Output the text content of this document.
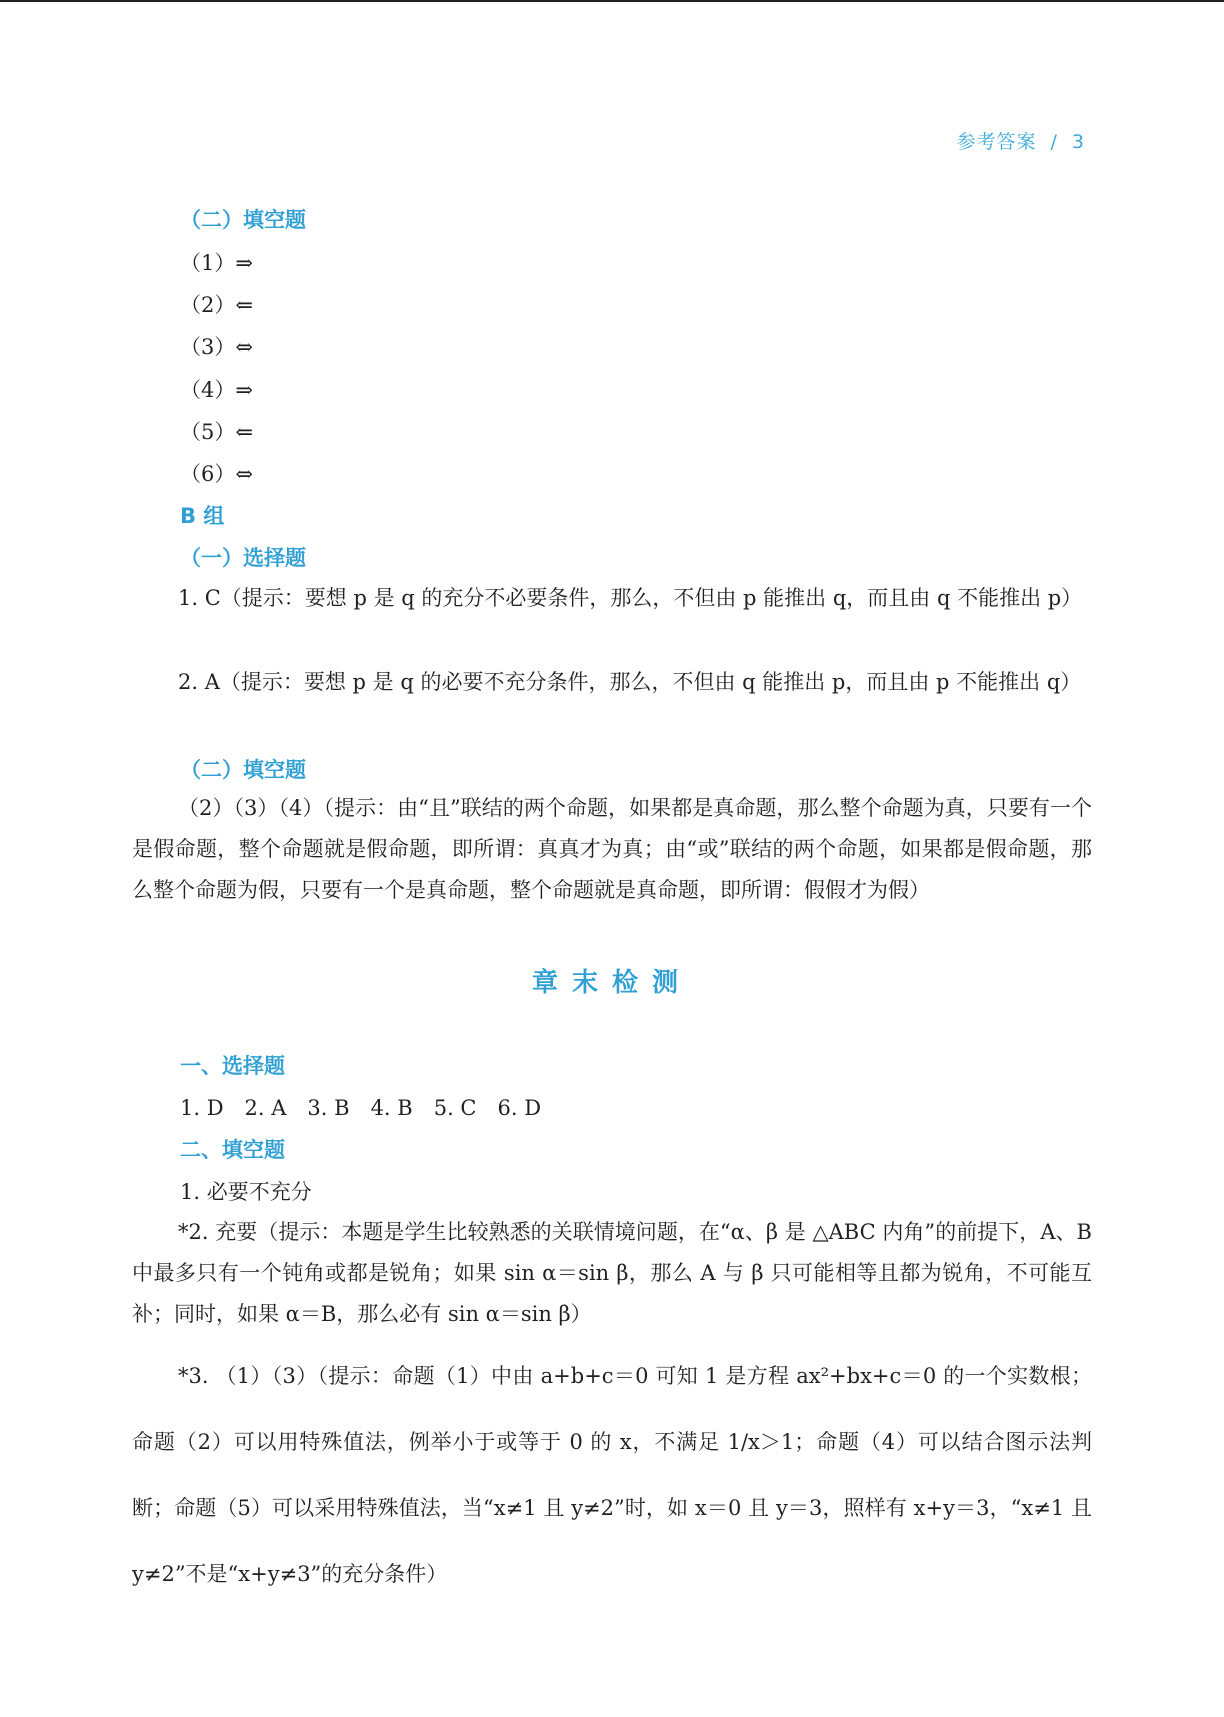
参考答案 / 3
（二）填空题
（1）⇒
（2）⇐
（3）⇔
（4）⇒
（5）⇐
（6）⇔
B 组
（一）选择题
1. C（提示：要想 p 是 q 的充分不必要条件，那么，不但由 p 能推出 q，而且由 q 不能推出 p）
2. A（提示：要想 p 是 q 的必要不充分条件，那么，不但由 q 能推出 p，而且由 p 不能推出 q）
（二）填空题
（2）（3）（4）（提示：由“且”联结的两个命题，如果都是真命题，那么整个命题为真，只要有一个是假命题，整个命题就是假命题，即所谓：真真才为真；由“或”联结的两个命题，如果都是假命题，那么整个命题为假，只要有一个是真命题，整个命题就是真命题，即所谓：假假才为假）
章末检测
一、选择题
1. D　2. A　3. B　4. B　5. C　6. D
二、填空题
1. 必要不充分
*2. 充要（提示：本题是学生比较熟悉的关联情境问题，在“α、β 是 △ABC 内角”的前提下，A、B 中最多只有一个钝角或都是锐角；如果 sin α＝sin β，那么 A 与 β 只可能相等且都为锐角，不可能互补；同时，如果 α＝B，那么必有 sin α＝sin β）
*3. （1）（3）（提示：命题（1）中由 a+b+c＝0 可知 1 是方程 ax²+bx+c＝0 的一个实数根；命题（2）可以用特殊值法，例举小于或等于 0 的 x，不满足 1/x＞1；命题（4）可以结合图示法判断；命题（5）可以采用特殊值法，当“x≠1 且 y≠2”时，如 x＝0 且 y＝3，照样有 x+y＝3，“x≠1 且 y≠2”不是“x+y≠3”的充分条件）
